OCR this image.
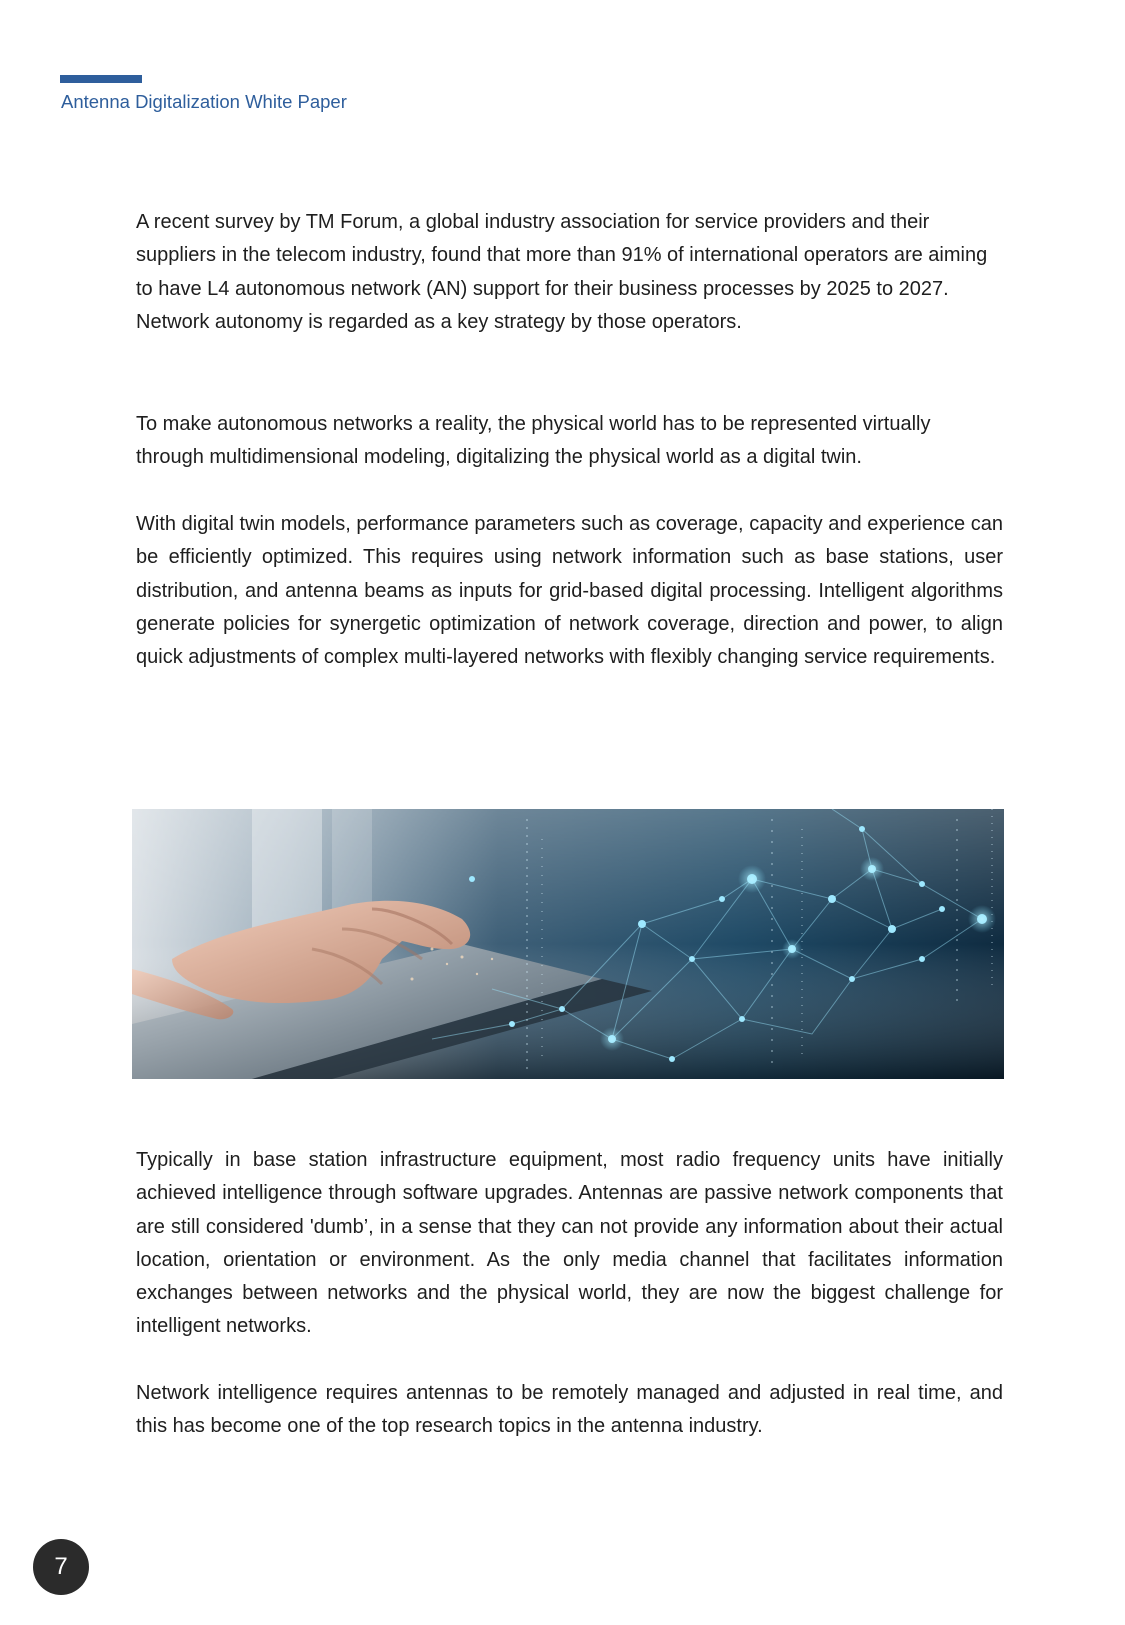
Antenna Digitalization White Paper

A recent survey by TM Forum, a global industry association for service providers and their suppliers in the telecom industry, found that more than 91% of international operators are aiming to have L4 autonomous network (AN) support for their business processes by 2025 to 2027. Network autonomy is regarded as a key strategy by those operators.

To make autonomous networks a reality, the physical world has to be represented virtually through multidimensional modeling, digitalizing the physical world as a digital twin.

With digital twin models, performance parameters such as coverage, capacity and experience can be efficiently optimized. This requires using network information such as base stations, user distribution, and antenna beams as inputs for grid-based digital processing. Intelligent algorithms generate policies for synergetic optimization of network coverage, direction and power, to align quick adjustments of complex multi-layered networks with flexibly changing service requirements.

Typically in base station infrastructure equipment, most radio frequency units have initially achieved intelligence through software upgrades. Antennas are passive network components that are still considered 'dumb’, in a sense that they can not provide any information about their actual location, orientation or environment. As the only media channel that facilitates information exchanges between networks and the physical world, they are now the biggest challenge for intelligent networks.

Network intelligence requires antennas to be remotely managed and adjusted in real time, and this has become one of the top research topics in the antenna industry.

7
